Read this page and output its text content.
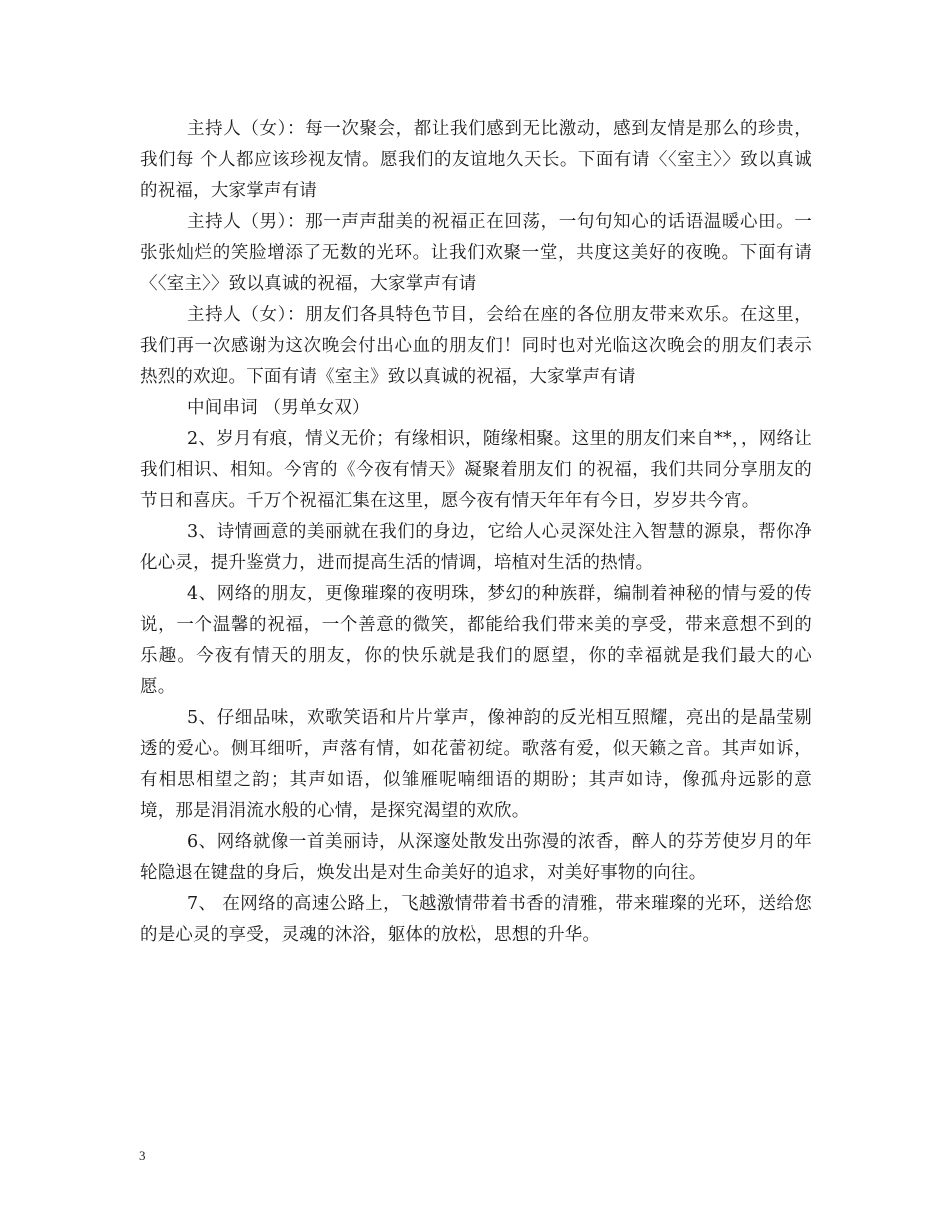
主持人（女）：每一次聚会，都让我们感到无比激动，感到友情是那么的珍贵，我们每 个人都应该珍视友情。愿我们的友谊地久天长。下面有请〈〈室主〉〉致以真诚的祝福，大家掌声有请

主持人（男）：那一声声甜美的祝福正在回荡，一句句知心的话语温暖心田。一张张灿烂的笑脸增添了无数的光环。让我们欢聚一堂，共度这美好的夜晚。下面有请〈〈室主〉〉致以真诚的祝福，大家掌声有请

主持人（女）：朋友们各具特色节目，会给在座的各位朋友带来欢乐。在这里，我们再一次感谢为这次晚会付出心血的朋友们！同时也对光临这次晚会的朋友们表示热烈的欢迎。下面有请《室主》致以真诚的祝福，大家掌声有请

中间串词 （男单女双）

2、岁月有痕，情义无价；有缘相识，随缘相聚。这里的朋友们来自**，，网络让我们相识、相知。今宵的《今夜有情天》凝聚着朋友们 的祝福，我们共同分享朋友的节日和喜庆。千万个祝福汇集在这里，愿今夜有情天年年有今日，岁岁共今宵。

3、诗情画意的美丽就在我们的身边，它给人心灵深处注入智慧的源泉，帮你净化心灵，提升鉴赏力，进而提高生活的情调，培植对生活的热情。

4、网络的朋友，更像璀璨的夜明珠，梦幻的种族群，编制着神秘的情与爱的传说，一个温馨的祝福，一个善意的微笑，都能给我们带来美的享受，带来意想不到的乐趣。今夜有情天的朋友，你的快乐就是我们的愿望，你的幸福就是我们最大的心愿。

5、仔细品味，欢歌笑语和片片掌声，像神韵的反光相互照耀，亮出的是晶莹剔透的爱心。侧耳细听，声落有情，如花蕾初绽。歌落有爱，似天籁之音。其声如诉，有相思相望之韵；其声如语，似雏雁呢喃细语的期盼；其声如诗，像孤舟远影的意境，那是涓涓流水般的心情，是探究渴望的欢欣。

6、网络就像一首美丽诗，从深邃处散发出弥漫的浓香，醉人的芬芳使岁月的年轮隐退在键盘的身后，焕发出是对生命美好的追求，对美好事物的向往。

7、 在网络的高速公路上，飞越激情带着书香的清雅，带来璀璨的光环，送给您的是心灵的享受，灵魂的沐浴，躯体的放松，思想的升华。

3
